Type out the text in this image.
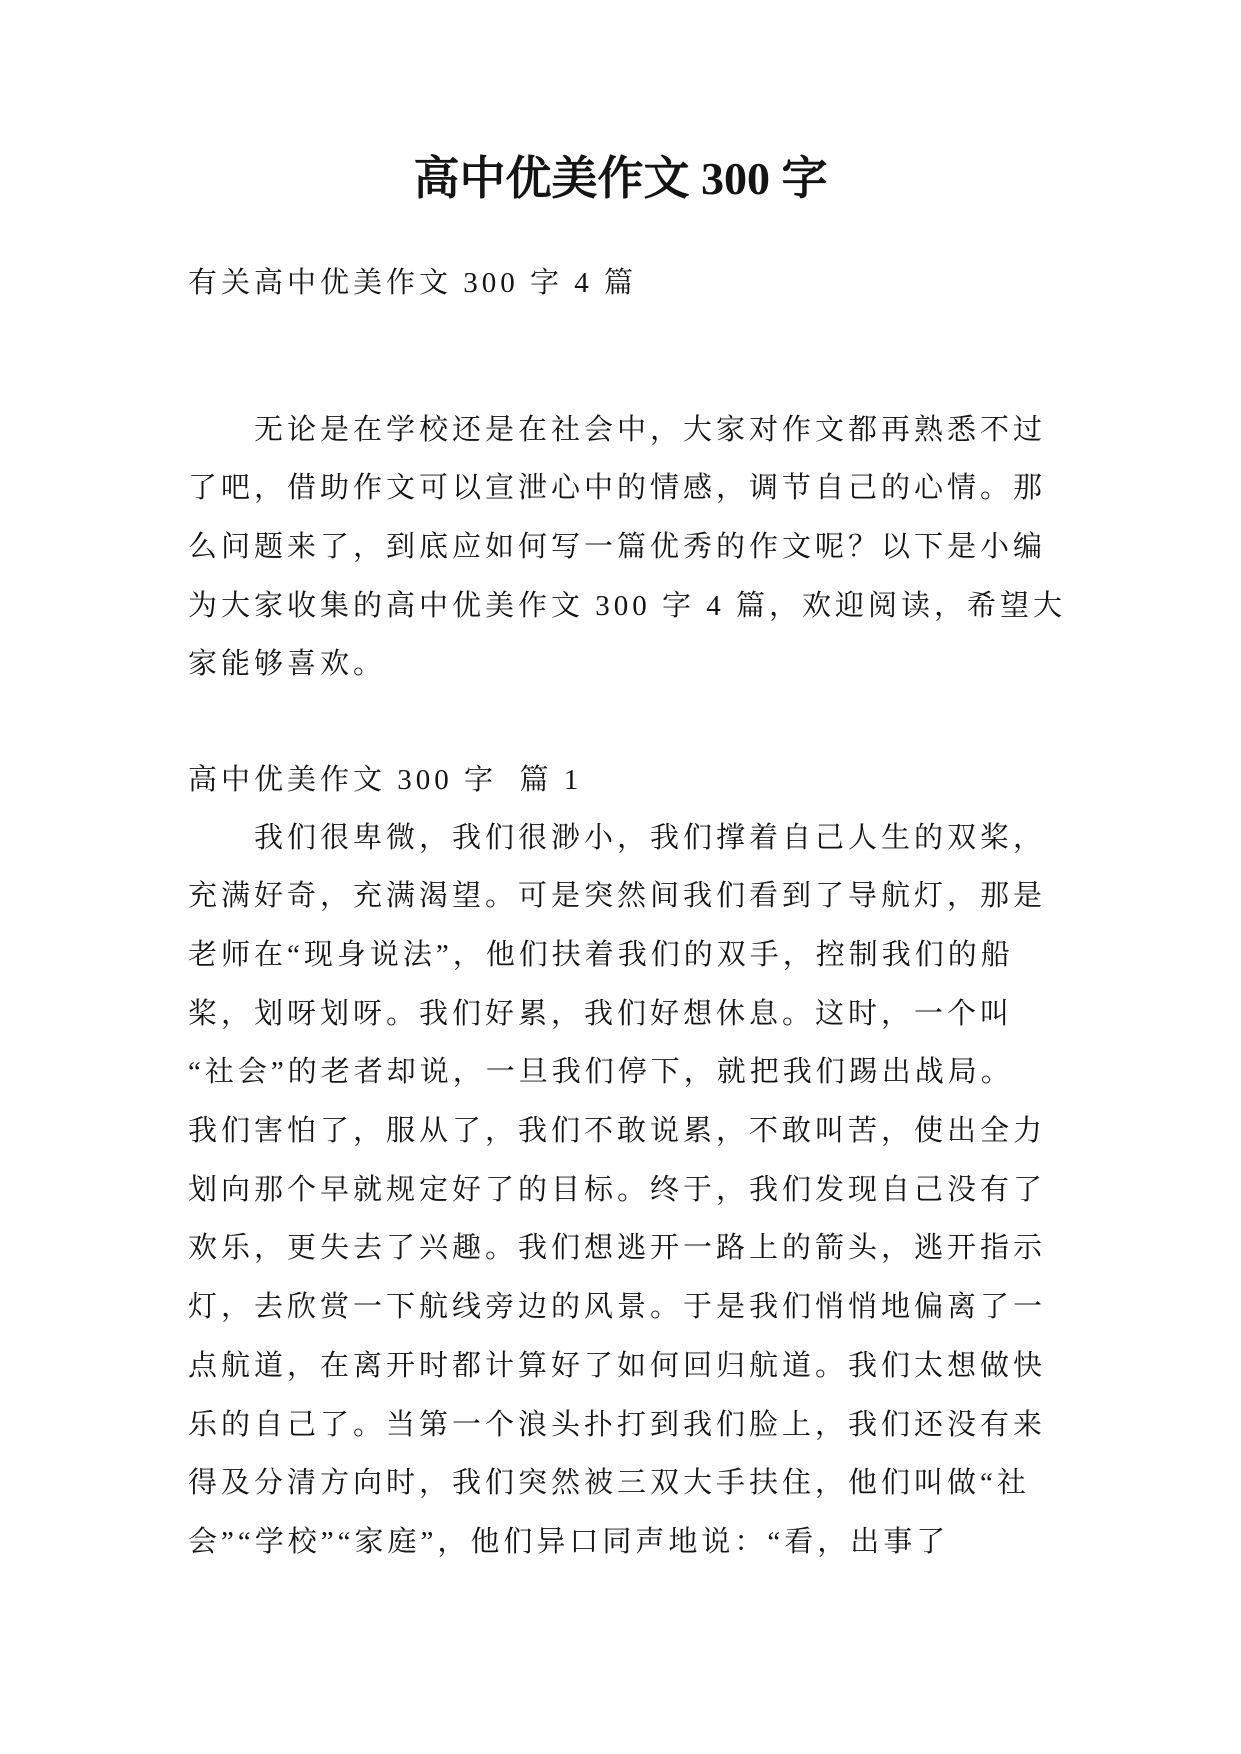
高中优美作文 300 字
有关高中优美作文 300 字 4 篇
无论是在学校还是在社会中，大家对作文都再熟悉不过
了吧，借助作文可以宣泄心中的情感，调节自己的心情。那
么问题来了，到底应如何写一篇优秀的作文呢？以下是小编
为大家收集的高中优美作文 300 字 4 篇，欢迎阅读，希望大
家能够喜欢。
高中优美作文 300 字  篇 1
我们很卑微，我们很渺小，我们撑着自己人生的双桨，
充满好奇，充满渴望。可是突然间我们看到了导航灯，那是
老师在“现身说法”，他们扶着我们的双手，控制我们的船
桨，划呀划呀。我们好累，我们好想休息。这时，一个叫
“社会”的老者却说，一旦我们停下，就把我们踢出战局。
我们害怕了，服从了，我们不敢说累，不敢叫苦，使出全力
划向那个早就规定好了的目标。终于，我们发现自己没有了
欢乐，更失去了兴趣。我们想逃开一路上的箭头，逃开指示
灯，去欣赏一下航线旁边的风景。于是我们悄悄地偏离了一
点航道，在离开时都计算好了如何回归航道。我们太想做快
乐的自己了。当第一个浪头扑打到我们脸上，我们还没有来
得及分清方向时，我们突然被三双大手扶住，他们叫做“社
会”“学校”“家庭”，他们异口同声地说：“看，出事了
